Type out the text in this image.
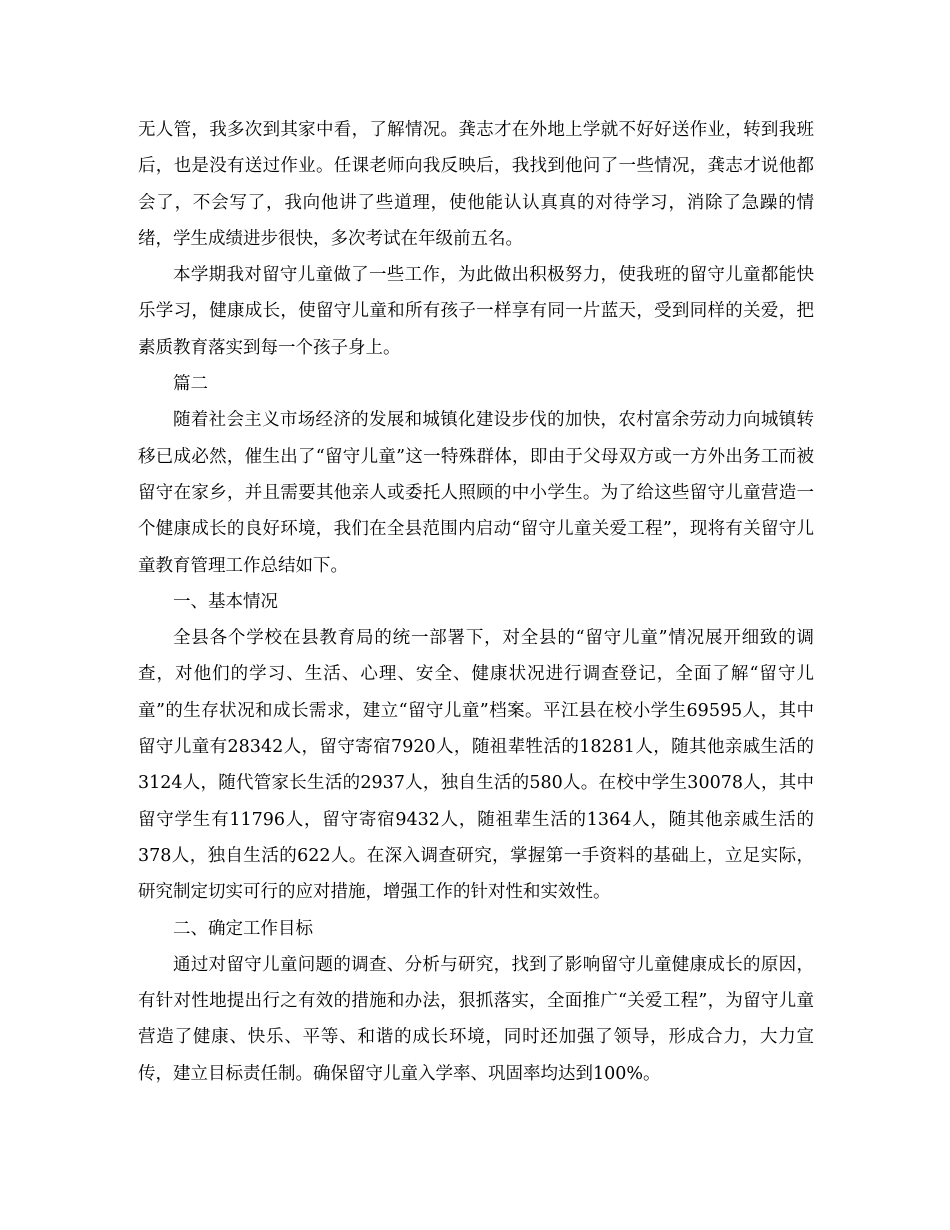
无人管，我多次到其家中看，了解情况。龚志才在外地上学就不好好送作业，转到我班后，也是没有送过作业。任课老师向我反映后，我找到他问了一些情况，龚志才说他都会了，不会写了，我向他讲了些道理，使他能认认真真的对待学习，消除了急躁的情绪，学生成绩进步很快，多次考试在年级前五名。

本学期我对留守儿童做了一些工作，为此做出积极努力，使我班的留守儿童都能快乐学习，健康成长，使留守儿童和所有孩子一样享有同一片蓝天，受到同样的关爱，把素质教育落实到每一个孩子身上。

篇二

随着社会主义市场经济的发展和城镇化建设步伐的加快，农村富余劳动力向城镇转移已成必然，催生出了“留守儿童”这一特殊群体，即由于父母双方或一方外出务工而被留守在家乡，并且需要其他亲人或委托人照顾的中小学生。为了给这些留守儿童营造一个健康成长的良好环境，我们在全县范围内启动“留守儿童关爱工程”，现将有关留守儿童教育管理工作总结如下。

一、基本情况

全县各个学校在县教育局的统一部署下，对全县的“留守儿童”情况展开细致的调查，对他们的学习、生活、心理、安全、健康状况进行调查登记，全面了解“留守儿童”的生存状况和成长需求，建立“留守儿童”档案。平江县在校小学生69595人，其中留守儿童有28342人，留守寄宿7920人，随祖辈牲活的18281人，随其他亲戚生活的3124人，随代管家长生活的2937人，独自生活的580人。在校中学生30078人，其中留守学生有11796人，留守寄宿9432人，随祖辈生活的1364人，随其他亲戚生活的378人，独自生活的622人。在深入调查研究，掌握第一手资料的基础上，立足实际，研究制定切实可行的应对措施，增强工作的针对性和实效性。

二、确定工作目标

通过对留守儿童问题的调查、分析与研究，找到了影响留守儿童健康成长的原因，有针对性地提出行之有效的措施和办法，狠抓落实，全面推广“关爱工程”，为留守儿童营造了健康、快乐、平等、和谐的成长环境，同时还加强了领导，形成合力，大力宣传，建立目标责任制。确保留守儿童入学率、巩固率均达到100%。
